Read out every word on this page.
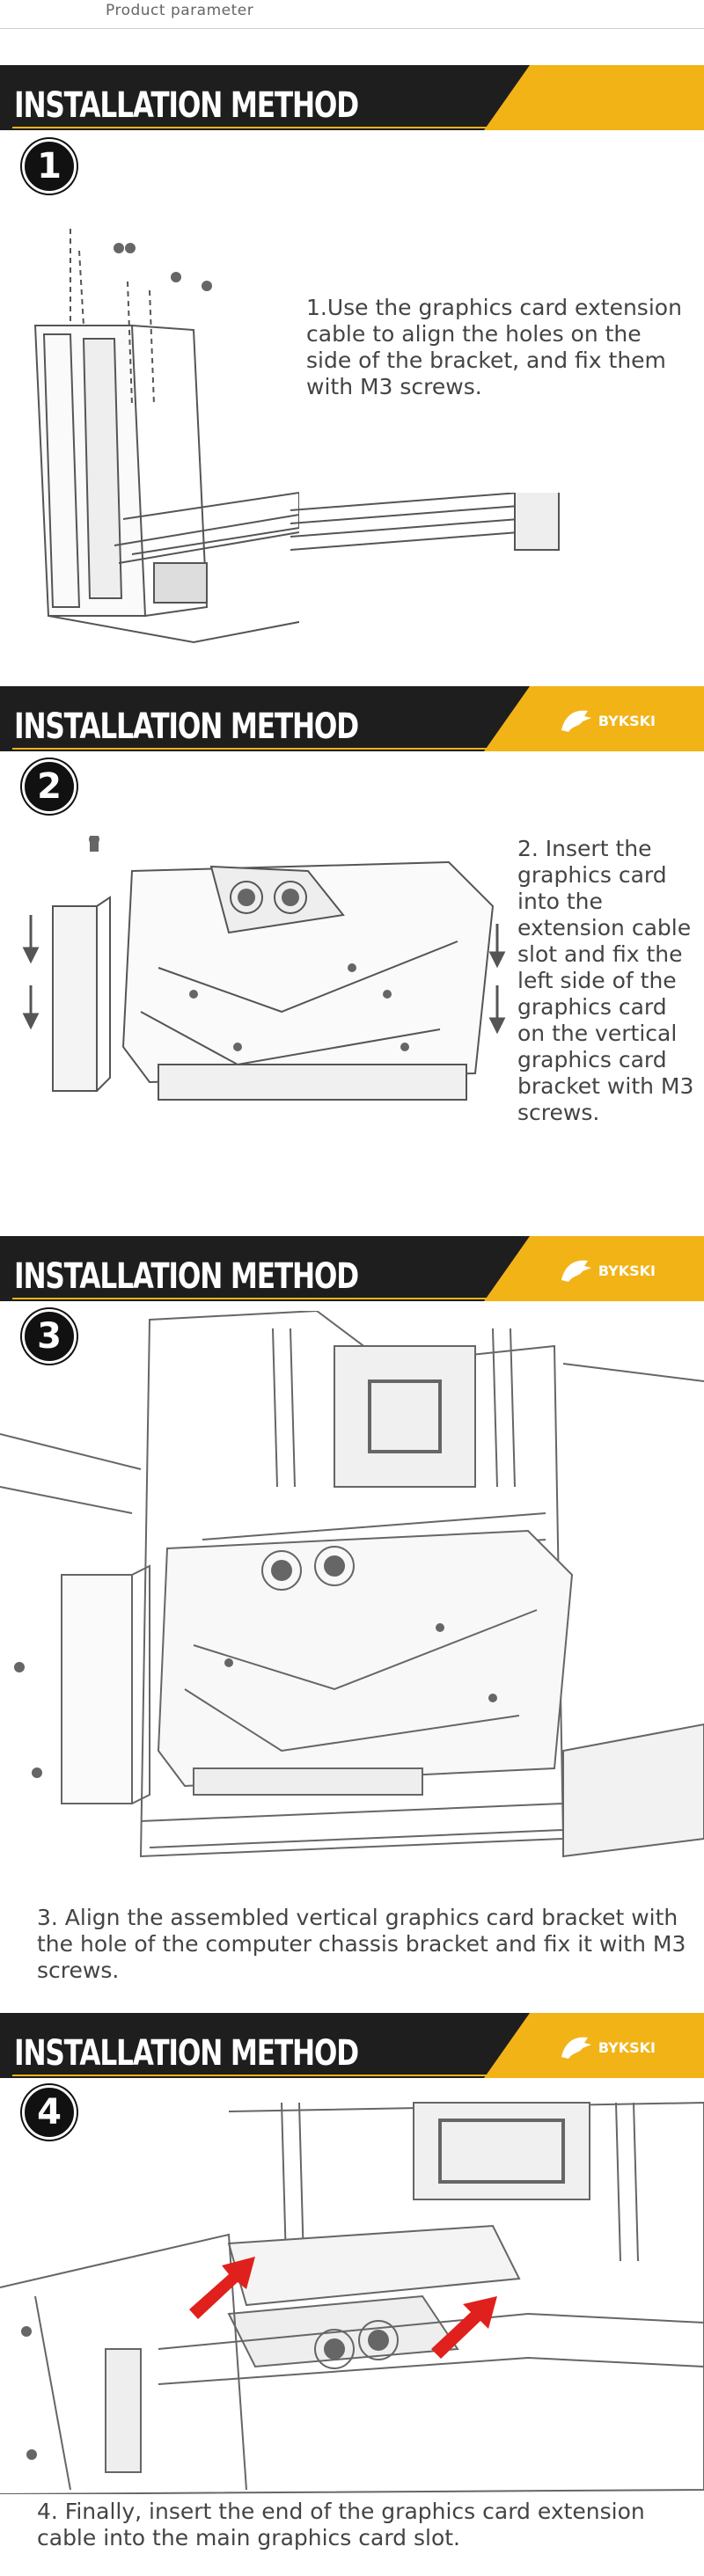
Product parameter
INSTALLATION METHOD
1
1.Use the graphics card extension cable to align the holes on the side of the bracket, and fix them with M3 screws.
INSTALLATION METHOD	BYKSKI
2
2. Insert the graphics card into the extension cable slot and fix the left side of the graphics card on the vertical graphics card bracket with M3 screws.
INSTALLATION METHOD	BYKSKI
3
3. Align the assembled vertical graphics card bracket with the hole of the computer chassis bracket and fix it with M3 screws.
INSTALLATION METHOD	BYKSKI
4
4. Finally, insert the end of the graphics card extension cable into the main graphics card slot.
